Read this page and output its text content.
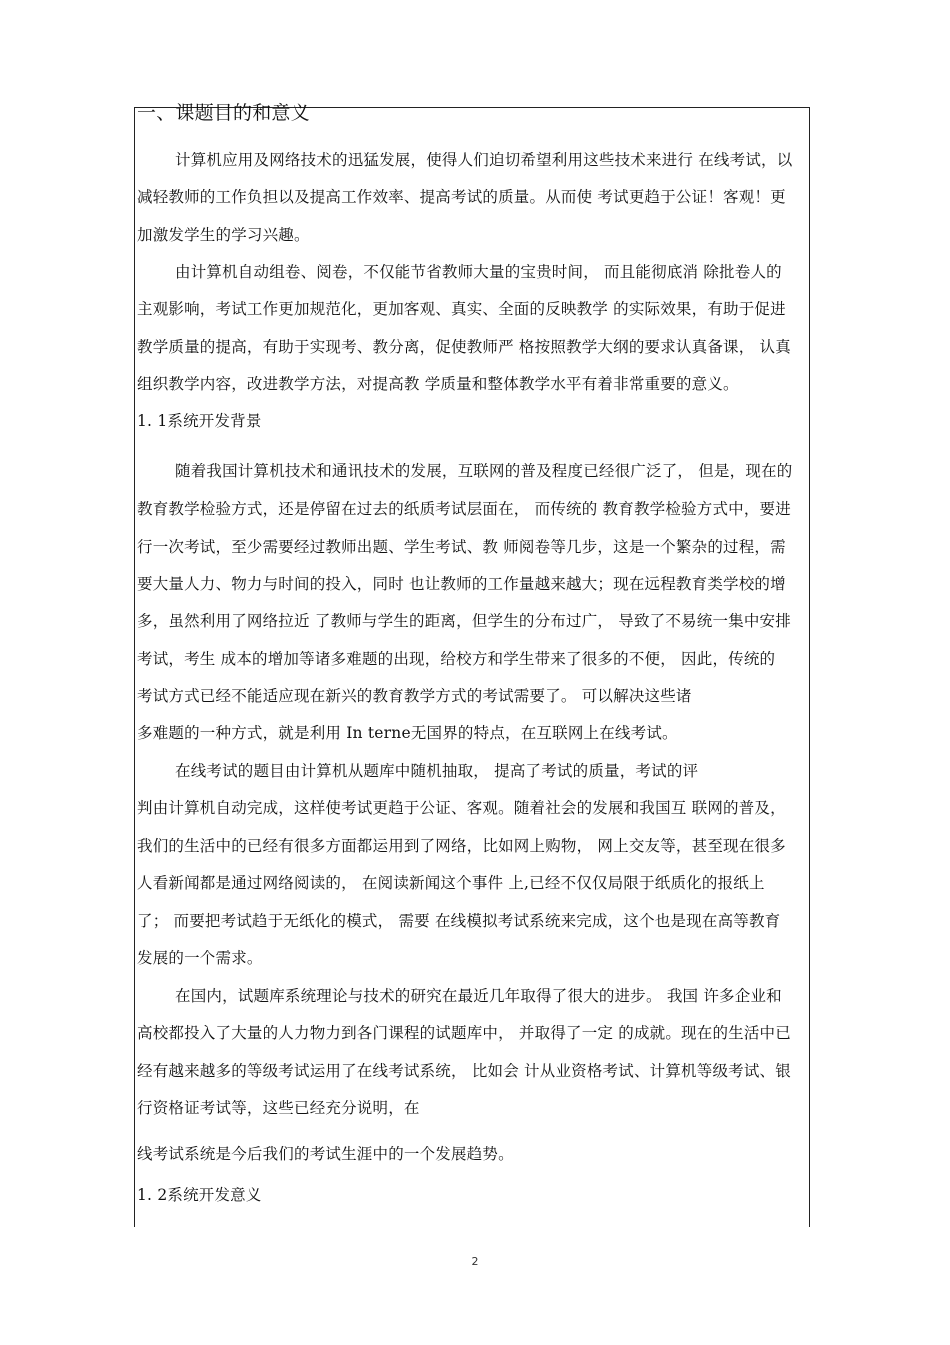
一、课题目的和意义
计算机应用及网络技术的迅猛发展，使得人们迫切希望利用这些技术来进行 在线考试，以
减轻教师的工作负担以及提高工作效率、提高考试的质量。从而使 考试更趋于公证！客观！更
加激发学生的学习兴趣。
由计算机自动组卷、阅卷，不仅能节省教师大量的宝贵时间， 而且能彻底消 除批卷人的
主观影响，考试工作更加规范化，更加客观、真实、全面的反映教学 的实际效果，有助于促进
教学质量的提高，有助于实现考、教分离，促使教师严 格按照教学大纲的要求认真备课， 认真
组织教学内容，改进教学方法，对提高教 学质量和整体教学水平有着非常重要的意义。
1. 1系统开发背景
随着我国计算机技术和通讯技术的发展，互联网的普及程度已经很广泛了， 但是，现在的
教育教学检验方式，还是停留在过去的纸质考试层面在， 而传统的 教育教学检验方式中，要进
行一次考试，至少需要经过教师出题、学生考试、教 师阅卷等几步，这是一个繁杂的过程，需
要大量人力、物力与时间的投入，同时 也让教师的工作量越来越大；现在远程教育类学校的增
多，虽然利用了网络拉近 了教师与学生的距离，但学生的分布过广， 导致了不易统一集中安排
考试，考生 成本的增加等诸多难题的出现，给校方和学生带来了很多的不便， 因此，传统的
考试方式已经不能适应现在新兴的教育教学方式的考试需要了。 可以解决这些诸
多难题的一种方式，就是利用 In terne无国界的特点，在互联网上在线考试。
在线考试的题目由计算机从题库中随机抽取， 提高了考试的质量，考试的评
判由计算机自动完成，这样使考试更趋于公证、客观。随着社会的发展和我国互 联网的普及，
我们的生活中的已经有很多方面都运用到了网络，比如网上购物， 网上交友等，甚至现在很多
人看新闻都是通过网络阅读的， 在阅读新闻这个事件 上,已经不仅仅局限于纸质化的报纸上
了； 而要把考试趋于无纸化的模式， 需要 在线模拟考试系统来完成，这个也是现在高等教育
发展的一个需求。
在国内，试题库系统理论与技术的研究在最近几年取得了很大的进步。 我国 许多企业和
高校都投入了大量的人力物力到各门课程的试题库中， 并取得了一定 的成就。现在的生活中已
经有越来越多的等级考试运用了在线考试系统， 比如会 计从业资格考试、计算机等级考试、银
行资格证考试等，这些已经充分说明，在
线考试系统是今后我们的考试生涯中的一个发展趋势。
1. 2系统开发意义
2
